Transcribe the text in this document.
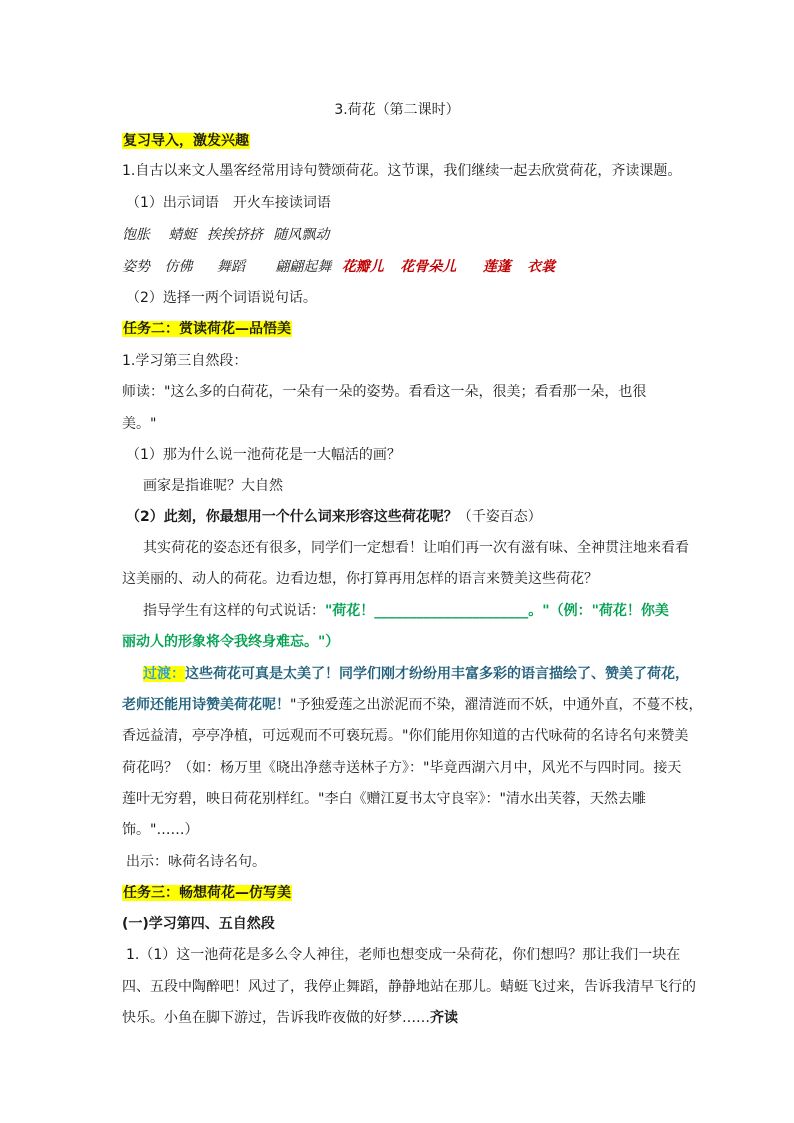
3.荷花（第二课时）
复习导入，激发兴趣
1.自古以来文人墨客经常用诗句赞颂荷花。这节课，我们继续一起去欣赏荷花，齐读课题。
（1）出示词语　开火车接读词语
饱胀 蜻蜓 挨挨挤挤 随风飘动
姿势 仿佛 舞蹈 翩翩起舞 花瓣儿 花骨朵儿 莲蓬 衣裳
（2）选择一两个词语说句话。
任务二：赏读荷花—品悟美
1.学习第三自然段：
师读："这么多的白荷花，一朵有一朵的姿势。看看这一朵，很美；看看那一朵，也很
美。"
（1）那为什么说一池荷花是一大幅活的画？
画家是指谁呢？大自然
（2）此刻，你最想用一个什么词来形容这些荷花呢？（千姿百态）
其实荷花的姿态还有很多，同学们一定想看！让咱们再一次有滋有味、全神贯注地来看看
这美丽的、动人的荷花。边看边想，你打算再用怎样的语言来赞美这些荷花？
指导学生有这样的句式说话："荷花！______________________。"（例："荷花！你美
丽动人的形象将令我终身难忘。"）
过渡：这些荷花可真是太美了！同学们刚才纷纷用丰富多彩的语言描绘了、赞美了荷花，
老师还能用诗赞美荷花呢！"予独爱莲之出淤泥而不染，濯清涟而不妖，中通外直，不蔓不枝，
香远益清，亭亭净植，可远观而不可亵玩焉。"你们能用你知道的古代咏荷的名诗名句来赞美
荷花吗？（如：杨万里《晓出净慈寺送林子方》："毕竟西湖六月中，风光不与四时同。接天
莲叶无穷碧，映日荷花别样红。"李白《赠江夏书太守良宰》："清水出芙蓉，天然去雕
饰。"……）
出示：咏荷名诗名句。
任务三：畅想荷花—仿写美
(一)学习第四、五自然段
1.（1）这一池荷花是多么令人神往，老师也想变成一朵荷花，你们想吗？那让我们一块在
四、五段中陶醉吧！风过了，我停止舞蹈，静静地站在那儿。蜻蜓飞过来，告诉我清早飞行的
快乐。小鱼在脚下游过，告诉我昨夜做的好梦……齐读
